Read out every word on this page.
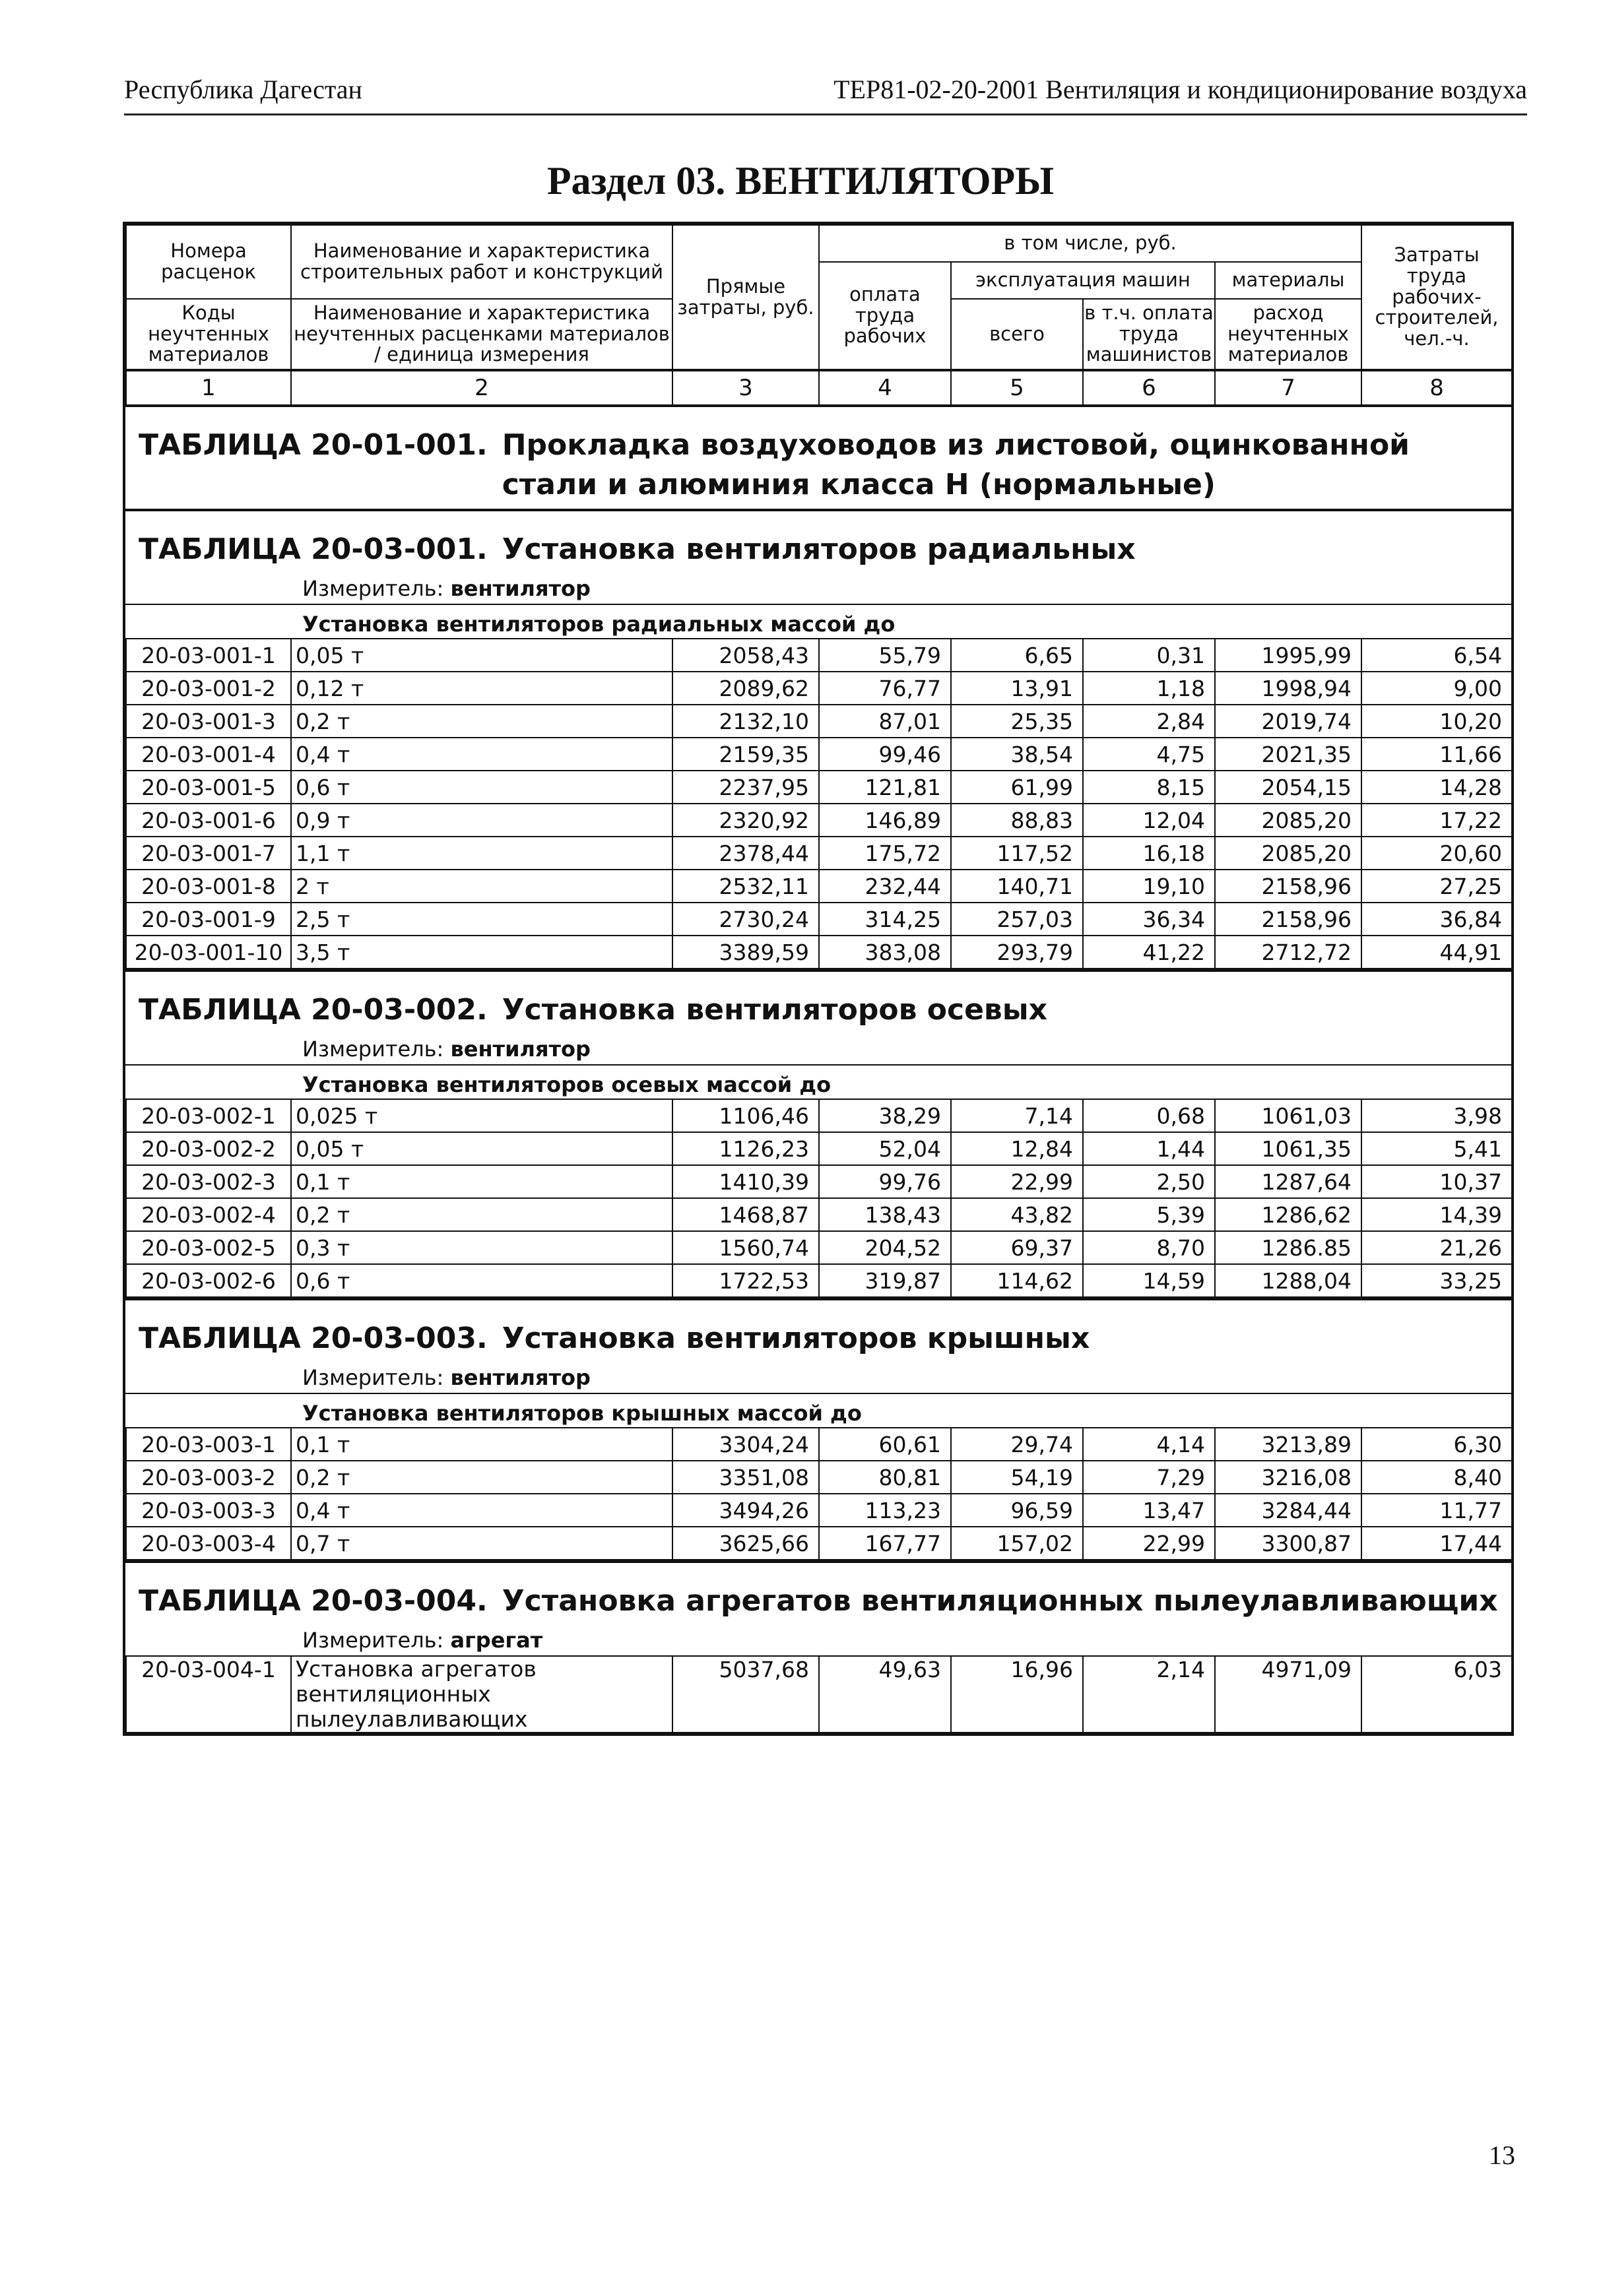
Республика Дагестан	ТЕР81-02-20-2001 Вентиляция и кондиционирование воздуха
Раздел 03. ВЕНТИЛЯТОРЫ
Номера расценок	Наименование и характеристика строительных работ и конструкций	Прямые затраты, руб.	в том числе, руб.				Затраты труда рабочих-строителей, чел.-ч.
			оплата труда рабочих	эксплуатация машин		материалы	
Коды неучтенных материалов	Наименование и характеристика неучтенных расценками материалов / единица измерения			всего	в т.ч. оплата труда машинистов	расход неучтенных материалов	

1	2	3	4	5	6	7	8
ТАБЛИЦА 20-01-001. Прокладка воздуховодов из листовой, оцинкованной стали и алюминия класса Н (нормальные)
ТАБЛИЦА 20-03-001. Установка вентиляторов радиальных
Измеритель: вентилятор
Установка вентиляторов радиальных массой до
20-03-001-1	0,05 т	2058,43	55,79	6,65	0,31	1995,99	6,54
20-03-001-2	0,12 т	2089,62	76,77	13,91	1,18	1998,94	9,00
20-03-001-3	0,2 т	2132,10	87,01	25,35	2,84	2019,74	10,20
20-03-001-4	0,4 т	2159,35	99,46	38,54	4,75	2021,35	11,66
20-03-001-5	0,6 т	2237,95	121,81	61,99	8,15	2054,15	14,28
20-03-001-6	0,9 т	2320,92	146,89	88,83	12,04	2085,20	17,22
20-03-001-7	1,1 т	2378,44	175,72	117,52	16,18	2085,20	20,60
20-03-001-8	2 т	2532,11	232,44	140,71	19,10	2158,96	27,25
20-03-001-9	2,5 т	2730,24	314,25	257,03	36,34	2158,96	36,84
20-03-001-10	3,5 т	3389,59	383,08	293,79	41,22	2712,72	44,91
ТАБЛИЦА 20-03-002. Установка вентиляторов осевых
Измеритель: вентилятор
Установка вентиляторов осевых массой до
20-03-002-1	0,025 т	1106,46	38,29	7,14	0,68	1061,03	3,98
20-03-002-2	0,05 т	1126,23	52,04	12,84	1,44	1061,35	5,41
20-03-002-3	0,1 т	1410,39	99,76	22,99	2,50	1287,64	10,37
20-03-002-4	0,2 т	1468,87	138,43	43,82	5,39	1286,62	14,39
20-03-002-5	0,3 т	1560,74	204,52	69,37	8,70	1286.85	21,26
20-03-002-6	0,6 т	1722,53	319,87	114,62	14,59	1288,04	33,25
ТАБЛИЦА 20-03-003. Установка вентиляторов крышных
Измеритель: вентилятор
Установка вентиляторов крышных массой до
20-03-003-1	0,1 т	3304,24	60,61	29,74	4,14	3213,89	6,30
20-03-003-2	0,2 т	3351,08	80,81	54,19	7,29	3216,08	8,40
20-03-003-3	0,4 т	3494,26	113,23	96,59	13,47	3284,44	11,77
20-03-003-4	0,7 т	3625,66	167,77	157,02	22,99	3300,87	17,44
ТАБЛИЦА 20-03-004. Установка агрегатов вентиляционных пылеулавливающих
Измеритель: агрегат
20-03-004-1	Установка агрегатов вентиляционных пылеулавливающих	5037,68	49,63	16,96	2,14	4971,09	6,03
13
